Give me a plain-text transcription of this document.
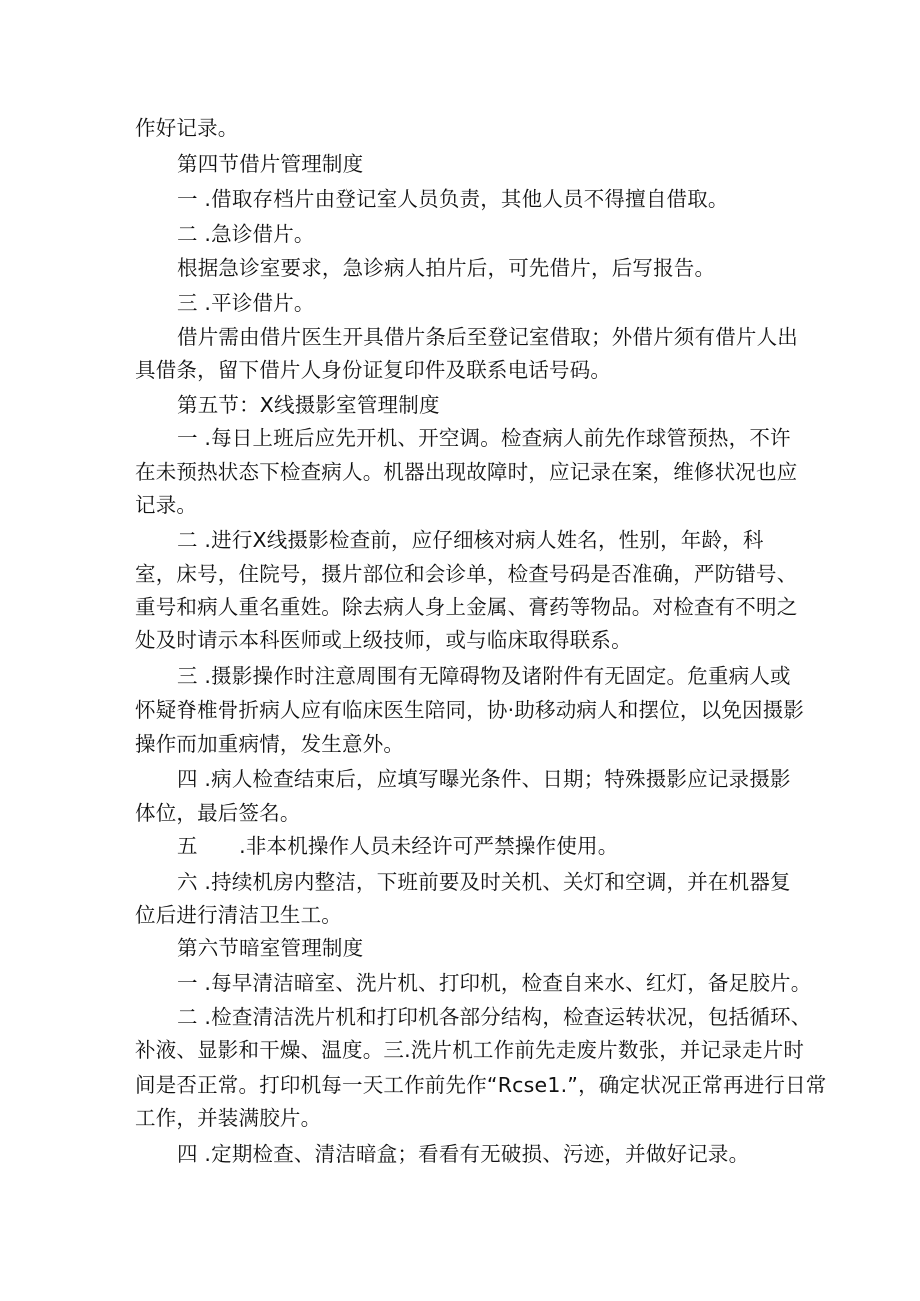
作好记录。
第四节借片管理制度
一 .借取存档片由登记室人员负责，其他人员不得擅自借取。
二 .急诊借片。
根据急诊室要求，急诊病人拍片后，可先借片，后写报告。
三 .平诊借片。
借片需由借片医生开具借片条后至登记室借取；外借片须有借片人出
具借条，留下借片人身份证复印件及联系电话号码。
第五节：X线摄影室管理制度
一 .每日上班后应先开机、开空调。检查病人前先作球管预热，不许
在未预热状态下检查病人。机器出现故障时，应记录在案，维修状况也应
记录。
二 .进行X线摄影检查前，应仔细核对病人姓名，性别，年龄，科
室，床号，住院号，摄片部位和会诊单，检查号码是否准确，严防错号、
重号和病人重名重姓。除去病人身上金属、膏药等物品。对检查有不明之
处及时请示本科医师或上级技师，或与临床取得联系。
三 .摄影操作时注意周围有无障碍物及诸附件有无固定。危重病人或
怀疑脊椎骨折病人应有临床医生陪同，协·助移动病人和摆位，以免因摄影
操作而加重病情，发生意外。
四 .病人检查结束后，应填写曝光条件、日期；特殊摄影应记录摄影
体位，最后签名。
五　　.非本机操作人员未经许可严禁操作使用。
六 .持续机房内整洁，下班前要及时关机、关灯和空调，并在机器复
位后进行清洁卫生工。
第六节暗室管理制度
一 .每早清洁暗室、洗片机、打印机，检查自来水、红灯，备足胶片。
二 .检查清洁洗片机和打印机各部分结构，检查运转状况，包括循环、
补液、显影和干燥、温度。三.洗片机工作前先走废片数张，并记录走片时
间是否正常。打印机每一天工作前先作“Rcse1.”，确定状况正常再进行日常
工作，并装满胶片。
四 .定期检查、清洁暗盒；看看有无破损、污迹，并做好记录。
